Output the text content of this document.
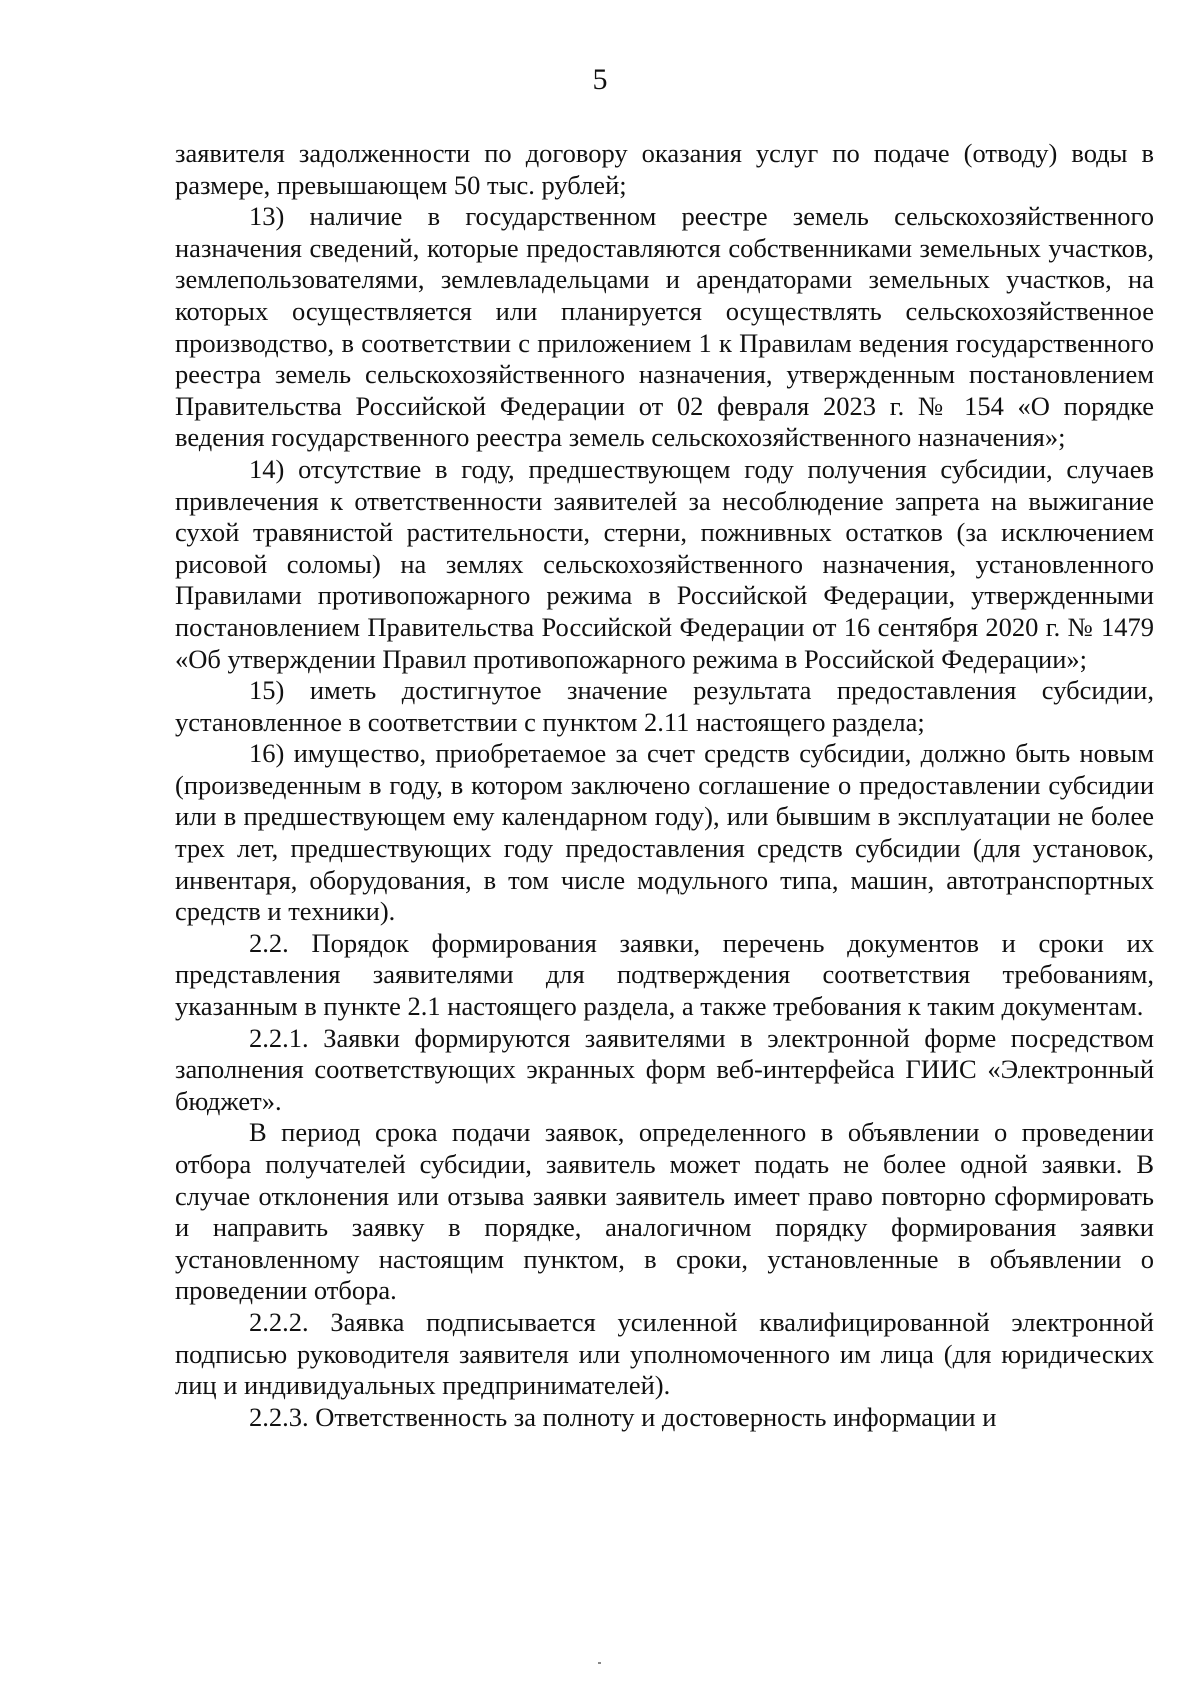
5

заявителя задолженности по договору оказания услуг по подаче (отводу) воды в размере, превышающем 50 тыс. рублей;

13) наличие в государственном реестре земель сельскохозяйственного назначения сведений, которые предоставляются собственниками земельных участков, землепользователями, землевладельцами и арендаторами земельных участков, на которых осуществляется или планируется осуществлять сельскохозяйственное производство, в соответствии с приложением 1 к Правилам ведения государственного реестра земель сельскохозяйственного назначения, утвержденным постановлением Правительства Российской Федерации от 02 февраля 2023 г. № 154 «О порядке ведения государственного реестра земель сельскохозяйственного назначения»;

14) отсутствие в году, предшествующем году получения субсидии, случаев привлечения к ответственности заявителей за несоблюдение запрета на выжигание сухой травянистой растительности, стерни, пожнивных остатков (за исключением рисовой соломы) на землях сельскохозяйственного назначения, установленного Правилами противопожарного режима в Российской Федерации, утвержденными постановлением Правительства Российской Федерации от 16 сентября 2020 г. № 1479 «Об утверждении Правил противопожарного режима в Российской Федерации»;

15) иметь достигнутое значение результата предоставления субсидии, установленное в соответствии с пунктом 2.11 настоящего раздела;

16) имущество, приобретаемое за счет средств субсидии, должно быть новым (произведенным в году, в котором заключено соглашение о предоставлении субсидии или в предшествующем ему календарном году), или бывшим в эксплуатации не более трех лет, предшествующих году предоставления средств субсидии (для установок, инвентаря, оборудования, в том числе модульного типа, машин, автотранспортных средств и техники).

2.2. Порядок формирования заявки, перечень документов и сроки их представления заявителями для подтверждения соответствия требованиям, указанным в пункте 2.1 настоящего раздела, а также требования к таким документам.

2.2.1. Заявки формируются заявителями в электронной форме посредством заполнения соответствующих экранных форм веб-интерфейса ГИИС «Электронный бюджет».

В период срока подачи заявок, определенного в объявлении о проведении отбора получателей субсидии, заявитель может подать не более одной заявки. В случае отклонения или отзыва заявки заявитель имеет право повторно сформировать и направить заявку в порядке, аналогичном порядку формирования заявки установленному настоящим пунктом, в сроки, установленные в объявлении о проведении отбора.

2.2.2. Заявка подписывается усиленной квалифицированной электронной подписью руководителя заявителя или уполномоченного им лица (для юридических лиц и индивидуальных предпринимателей).

2.2.3. Ответственность за полноту и достоверность информации и
